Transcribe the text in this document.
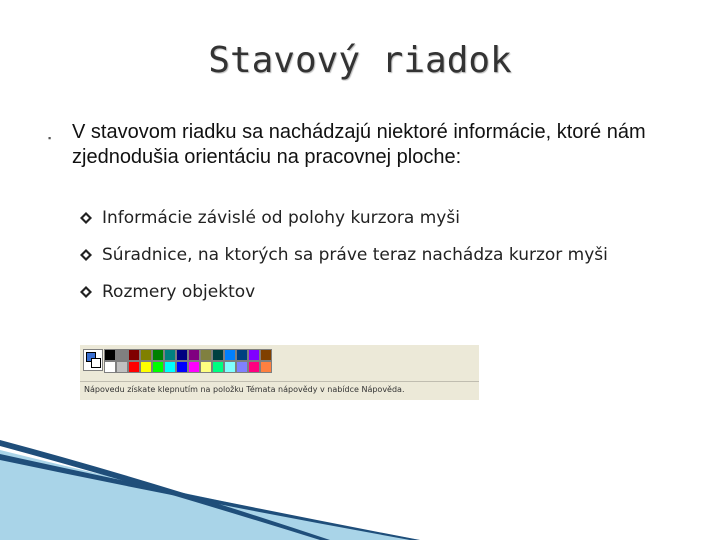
Stavový riadok
▪	V stavovom riadku sa nachádzajú niektoré informácie, ktoré nám zjednodušia orientáciu na pracovnej ploche:
Informácie závislé od polohy kurzora myši
Súradnice, na ktorých sa práve teraz nachádza kurzor myši
Rozmery objektov
Nápovedu získate klepnutím na položku Témata nápovědy v nabídce Nápověda.
